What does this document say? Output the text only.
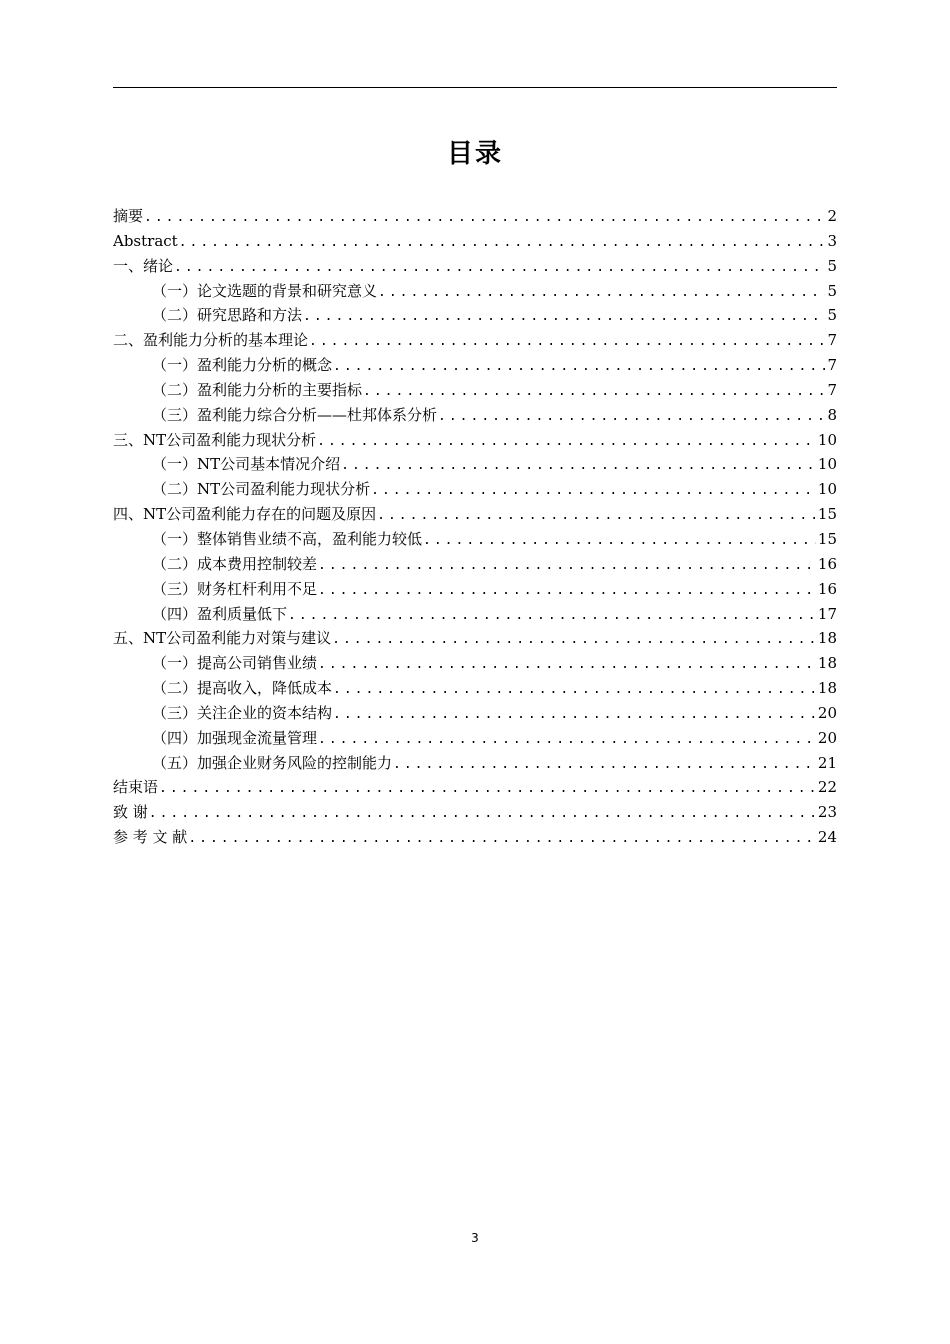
目录
摘要 .....	2
Abstract .....	3
一、绪论 .....	5
（一）论文选题的背景和研究意义 .....	5
（二）研究思路和方法 .....	5
二、盈利能力分析的基本理论 .....	7
（一）盈利能力分析的概念 .....	7
（二）盈利能力分析的主要指标 .....	7
（三）盈利能力综合分析——杜邦体系分析 .....	8
三、NT公司盈利能力现状分析 .....	10
（一）NT公司基本情况介绍 .....	10
（二）NT公司盈利能力现状分析 .....	10
四、NT公司盈利能力存在的问题及原因 .....	15
（一）整体销售业绩不高，盈利能力较低 .....	15
（二）成本费用控制较差 .....	16
（三）财务杠杆利用不足 .....	16
（四）盈利质量低下 .....	17
五、NT公司盈利能力对策与建议 .....	18
（一）提高公司销售业绩 .....	18
（二）提高收入，降低成本 .....	18
（三）关注企业的资本结构 .....	20
（四）加强现金流量管理 .....	20
（五）加强企业财务风险的控制能力 .....	21
结束语 .....	22
致 谢 .....	23
参 考 文 献 .....	24
3
